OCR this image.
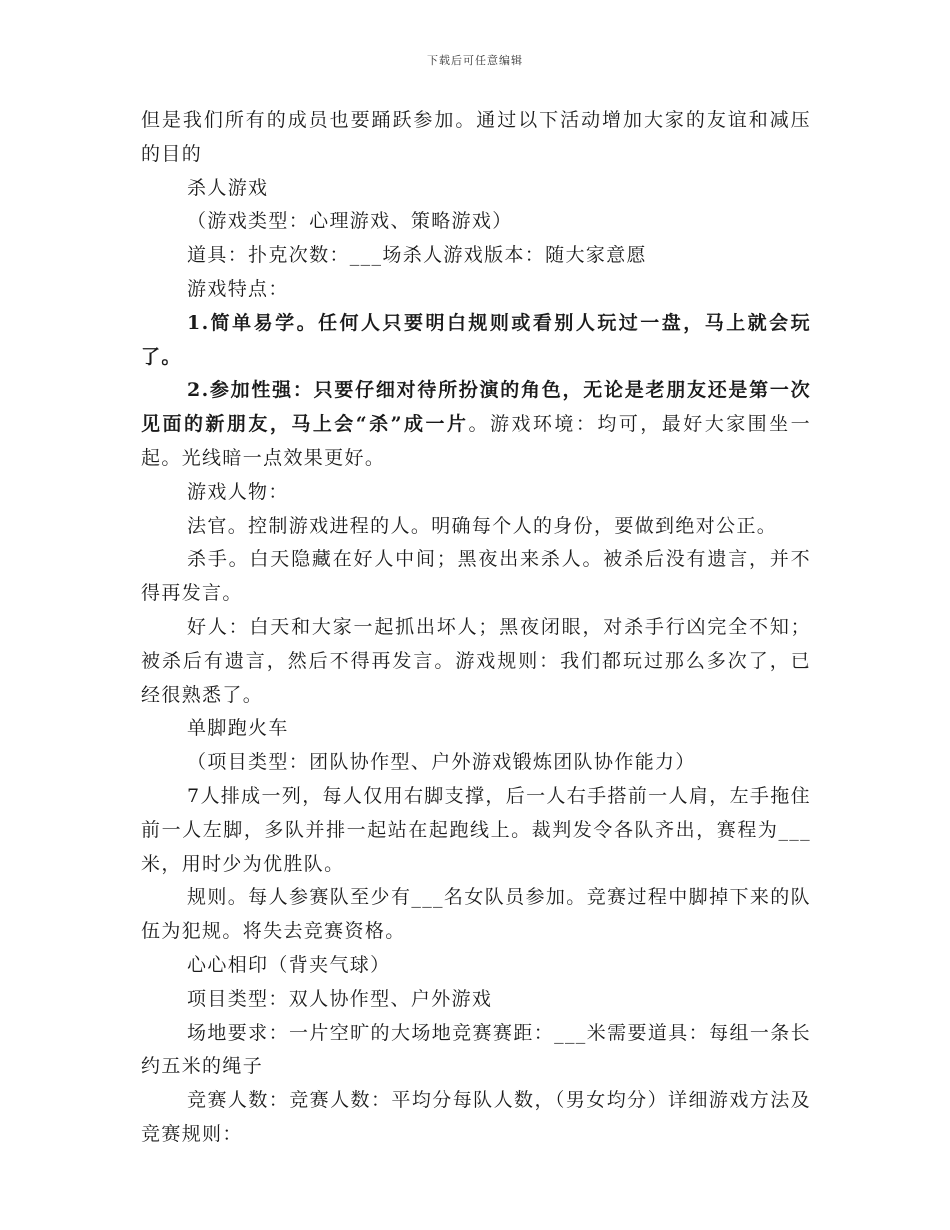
下载后可任意编辑

但是我们所有的成员也要踊跃参加。通过以下活动增加大家的友谊和减压的目的

杀人游戏

（游戏类型：心理游戏、策略游戏）

道具：扑克次数：___场杀人游戏版本：随大家意愿

游戏特点：

1.简单易学。任何人只要明白规则或看别人玩过一盘，马上就会玩了。

2.参加性强：只要仔细对待所扮演的角色，无论是老朋友还是第一次见面的新朋友，马上会“杀”成一片。游戏环境：均可，最好大家围坐一起。光线暗一点效果更好。

游戏人物：

法官。控制游戏进程的人。明确每个人的身份，要做到绝对公正。

杀手。白天隐藏在好人中间；黑夜出来杀人。被杀后没有遗言，并不得再发言。

好人：白天和大家一起抓出坏人；黑夜闭眼，对杀手行凶完全不知；被杀后有遗言，然后不得再发言。游戏规则：我们都玩过那么多次了，已经很熟悉了。

单脚跑火车

（项目类型：团队协作型、户外游戏锻炼团队协作能力）

7人排成一列，每人仅用右脚支撑，后一人右手搭前一人肩，左手拖住前一人左脚，多队并排一起站在起跑线上。裁判发令各队齐出，赛程为___米，用时少为优胜队。

规则。每人参赛队至少有___名女队员参加。竞赛过程中脚掉下来的队伍为犯规。将失去竞赛资格。

心心相印（背夹气球）

项目类型：双人协作型、户外游戏

场地要求：一片空旷的大场地竞赛赛距：___米需要道具：每组一条长约五米的绳子

竞赛人数：竞赛人数：平均分每队人数，（男女均分）详细游戏方法及竞赛规则：
